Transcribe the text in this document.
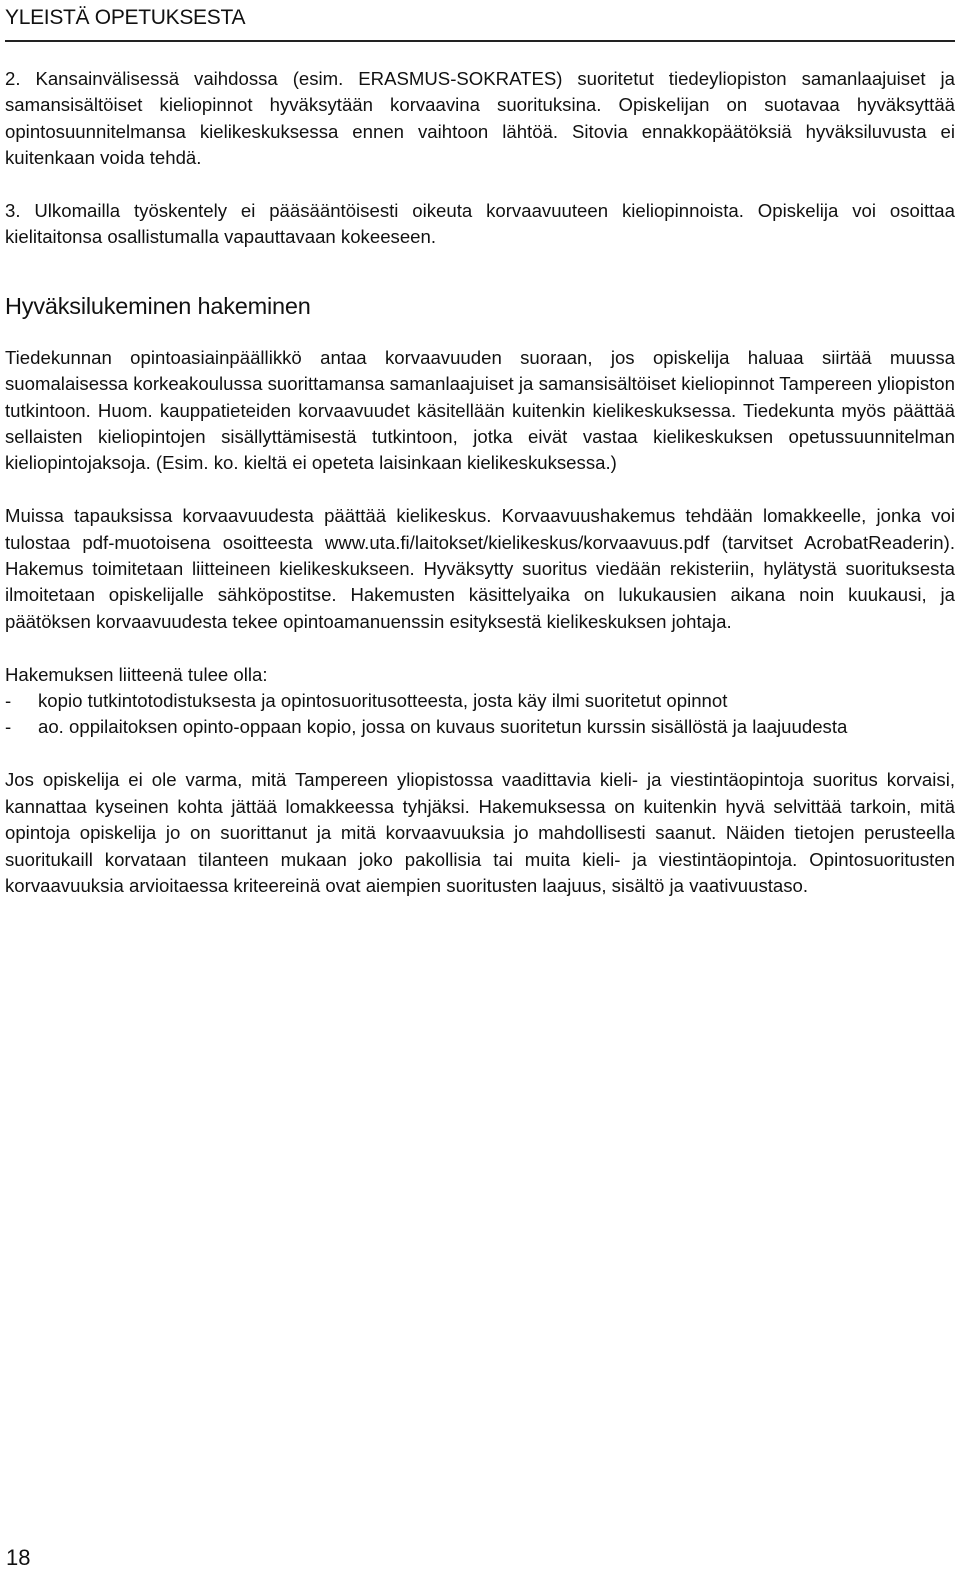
YLEISTÄ OPETUKSESTA

2. Kansainvälisessä vaihdossa (esim. ERASMUS-SOKRATES) suoritetut tiedeyliopiston samanlaajuiset ja samansisältöiset kieliopinnot hyväksytään korvaavina suorituksina. Opiskelijan on suotavaa hyväksyttää opintosuunnitelmansa kielikeskuksessa ennen vaihtoon lähtöä. Sitovia ennakkopäätöksiä hyväksiluvusta ei kuitenkaan voida tehdä.

3. Ulkomailla työskentely ei pääsääntöisesti oikeuta korvaavuuteen kieliopinnoista. Opiskelija voi osoittaa kielitaitonsa osallistumalla vapauttavaan kokeeseen.

Hyväksilukeminen hakeminen

Tiedekunnan opintoasiainpäällikkö antaa korvaavuuden suoraan, jos opiskelija haluaa siirtää muussa suomalaisessa korkeakoulussa suorittamansa samanlaajuiset ja samansisältöiset kieliopinnot Tampereen yliopiston tutkintoon. Huom. kauppatieteiden korvaavuudet käsitellään kuitenkin kielikeskuksessa. Tiedekunta myös päättää sellaisten kieliopintojen sisällyttämisestä tutkintoon, jotka eivät vastaa kielikeskuksen opetussuunnitelman kieliopintojaksoja. (Esim. ko. kieltä ei opeteta laisinkaan kielikeskuksessa.)

Muissa tapauksissa korvaavuudesta päättää kielikeskus. Korvaavuushakemus tehdään lomakkeelle, jonka voi tulostaa pdf-muotoisena osoitteesta www.uta.fi/laitokset/kielikeskus/korvaavuus.pdf (tarvitset AcrobatReaderin). Hakemus toimitetaan liitteineen kielikeskukseen. Hyväksytty suoritus viedään rekisteriin, hylätystä suorituksesta ilmoitetaan opiskelijalle sähköpostitse. Hakemusten käsittelyaika on lukukausien aikana noin kuukausi, ja päätöksen korvaavuudesta tekee opintoamanuenssin esityksestä kielikeskuksen johtaja.

Hakemuksen liitteenä tulee olla:

- kopio tutkintotodistuksesta ja opintosuoritusotteesta, josta käy ilmi suoritetut opinnot
- ao. oppilaitoksen opinto-oppaan kopio, jossa on kuvaus suoritetun kurssin sisällöstä ja laajuudesta

Jos opiskelija ei ole varma, mitä Tampereen yliopistossa vaadittavia kieli- ja viestintäopintoja suoritus korvaisi, kannattaa kyseinen kohta jättää lomakkeessa tyhjäksi. Hakemuksessa on kuitenkin hyvä selvittää tarkoin, mitä opintoja opiskelija jo on suorittanut ja mitä korvaavuuksia jo mahdollisesti saanut. Näiden tietojen perusteella suoritukaill korvataan tilanteen mukaan joko pakollisia tai muita kieli- ja viestintäopintoja. Opintosuoritusten korvaavuuksia arvioitaessa kriteereinä ovat aiempien suoritusten laajuus, sisältö ja vaativuustaso.

18
